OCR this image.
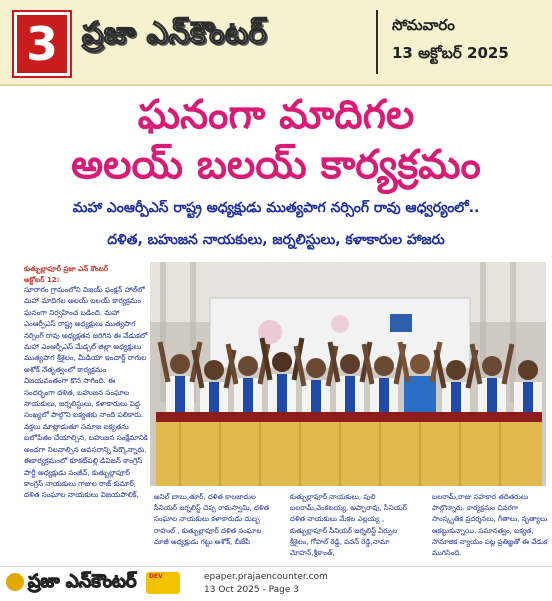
3 ప్రజా ఎన్‌కౌంటర్	సోమవారం
13 అక్టోబర్ 2025
ఘనంగా మాదిగల
అలయ్ బలయ్ కార్యక్రమం
మహా ఎంఆర్పీఎస్ రాష్ట్ర అధ్యక్షుడు ముత్యపాగ నర్సింగ్ రావు ఆధ్వర్యంలో..
దళిత, బహుజన నాయకులు, జర్నలిస్టులు, కళాకారుల హాజరు
కుత్బుల్లాపూర్ ప్రజా ఎన్ కౌంటర్
అక్టోబర్ 12:
సూరారం గ్రామంలోని విజయ్ ఫంక్షన్ హాల్‌లో మహా మాదిగల అలయ్ బలయ్ కార్యక్రమం ఘనంగా నిర్వహించ బడింది. మహా ఎంఆర్పీఎస్ రాష్ట్ర అధ్యక్షులు ముత్యపాగ నర్సింగ్ రావు అధ్యక్షతన జరిగిన ఈ వేడుకలో మహా ఎంఆర్పీఎస్ మేడ్చల్ జిల్లా అధ్యక్షులు ముత్యపాగ శ్రీశైలం, మీడియా ఇంచార్జ్ రాగుల అశోక్ నేతృత్వంలో కార్యక్రమం విజయవంతంగా కొన సాగింది. ఈ సందర్భంగా దళిత, బహుజన సంఘాల నాయకులు, జర్నలిస్టులు, కళాకారులు పెద్ద సంఖ్యలో పాల్గొని ఐక్యతకు నాంది పలికారు. వక్తలు మాట్లాడుతూ సమాజ ఐక్యతను బలోపేతం చేయాల్సిన, బహుజన సంక్షేమానికి అండగా నిలవాల్సిన అవసరాన్ని పేర్కొన్నారు. ఈకార్యక్రమంలో కూకట్‌పల్లి డివిజన్ కాంగ్రెస్ పార్టీ అధ్యక్షుడు సంజీవ్, కుత్బుల్లాపూర్ కాంగ్రెస్ నాయకులు గాజుల రాజ్ కుమార్, దళిత సంఘాల నాయకులు విజయపాలిక్,	అనిల్ బాబు,తూర్, దళిత కాలజాదుల సీనియర్ జర్నలిస్ట్ చెప్ప రామస్వామి, దళిత సంఘాల నాయకులు కళాకారుడు దుబ్బ రాహుల్ , కుత్బుల్లాపూర్ దళిత సంఘాల మాజీ అధ్యక్షుడు గట్టు అశోక్, బీజేపీ
కుత్బుల్లాపూర్ నాయకులు, పులి బలరామ్,వెంకటయ్య, అప్పారావు, సీనియర్ దళిత నాయకులు మేకల ఎల్లయ్య , కుత్బుల్లాపూర్ సీనియర్ జర్నలిస్ట్ ఏర్పుల శ్రీశైలం, గోపాల్ రెడ్డి, పవన్ రెడ్డి,నామా మోహన్,శ్రీకాంత్,
బలరామ్,రాజు సహకార తదితరులు పాల్గొన్నారు. కార్యక్రమం చివరగా సాంస్కృతిక ప్రదర్శనలు, గీతాలు, నృత్యాలు ఆకట్టుకున్నాయి. సమానత్వం, ఐక్యత, సామాజిక న్యాయం పట్ల ప్రతిజ్ఞతో ఈ వేడుక ముగిసింది.
ప్రజా ఎన్‌కౌంటర్ DEV	epaper.prajaencounter.com
13 Oct 2025 - Page 3
